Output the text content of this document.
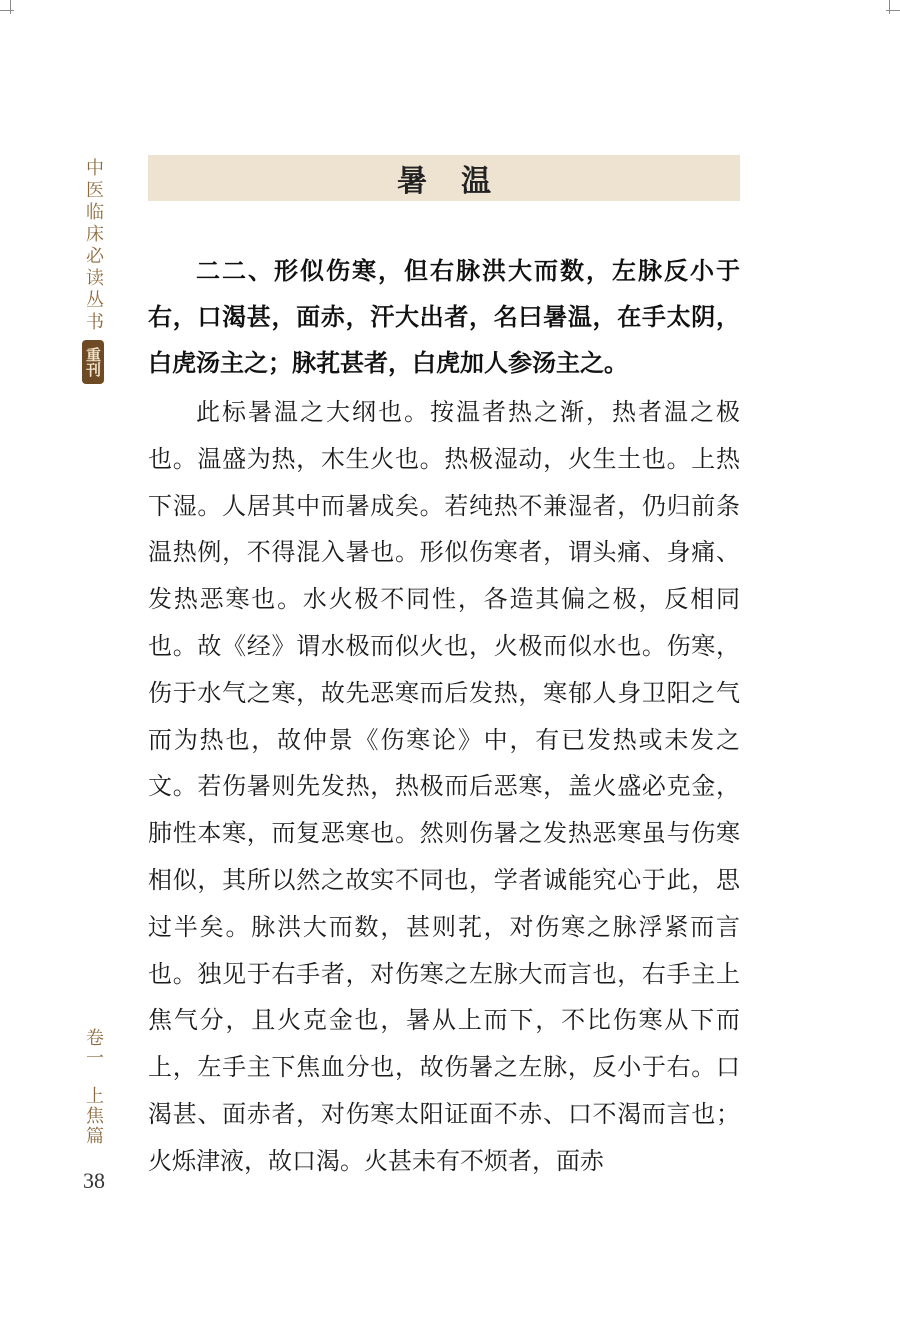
中医临床必读丛书
重刊
卷一
上焦篇
38
暑温

二二、形似伤寒，但右脉洪大而数，左脉反小于右，口渴甚，面赤，汗大出者，名曰暑温，在手太阴，白虎汤主之；脉芤甚者，白虎加人参汤主之。

此标暑温之大纲也。按温者热之渐，热者温之极也。温盛为热，木生火也。热极湿动，火生土也。上热下湿。人居其中而暑成矣。若纯热不兼湿者，仍归前条温热例，不得混入暑也。形似伤寒者，谓头痛、身痛、发热恶寒也。水火极不同性，各造其偏之极，反相同也。故《经》谓水极而似火也，火极而似水也。伤寒，伤于水气之寒，故先恶寒而后发热，寒郁人身卫阳之气而为热也，故仲景《伤寒论》中，有已发热或未发之文。若伤暑则先发热，热极而后恶寒，盖火盛必克金，肺性本寒，而复恶寒也。然则伤暑之发热恶寒虽与伤寒相似，其所以然之故实不同也，学者诚能究心于此，思过半矣。脉洪大而数，甚则芤，对伤寒之脉浮紧而言也。独见于右手者，对伤寒之左脉大而言也，右手主上焦气分，且火克金也，暑从上而下，不比伤寒从下而上，左手主下焦血分也，故伤暑之左脉，反小于右。口渴甚、面赤者，对伤寒太阳证面不赤、口不渴而言也；火烁津液，故口渴。火甚未有不烦者，面赤
